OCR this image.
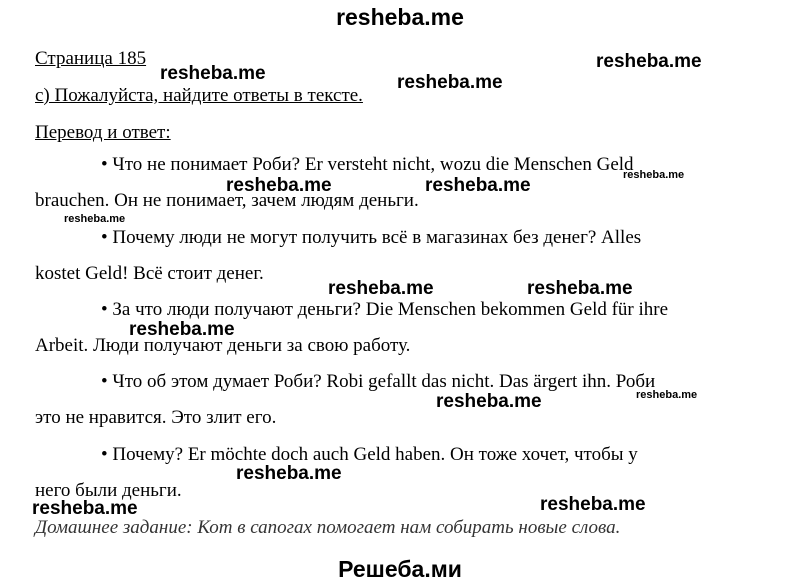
resheba.me
Страница 185
c) Пожалуйста, найдите ответы в тексте.
Перевод и ответ:
• Что не понимает Роби? Er versteht nicht, wozu die Menschen Geld
brauchen. Он не понимает, зачем людям деньги.
• Почему люди не могут получить всё в магазинах без денег? Alles
kostet Geld! Всё стоит денег.
• За что люди получают деньги? Die Menschen bekommen Geld für ihre
Arbeit. Люди получают деньги за свою работу.
• Что об этом думает Роби? Robi gefallt das nicht. Das ärgert ihn. Роби
это не нравится. Это злит его.
• Почему? Er möchte doch auch Geld haben. Он тоже хочет, чтобы у
него были деньги.
Домашнее задание: Кот в сапогах помогает нам собирать новые слова.
resheba.me	resheba.me
resheba.me
resheba.me	resheba.me	resheba.me
resheba.me
resheba.me	resheba.me
resheba.me
resheba.me	resheba.me
resheba.me
resheba.me
resheba.me
Решеба.ми
